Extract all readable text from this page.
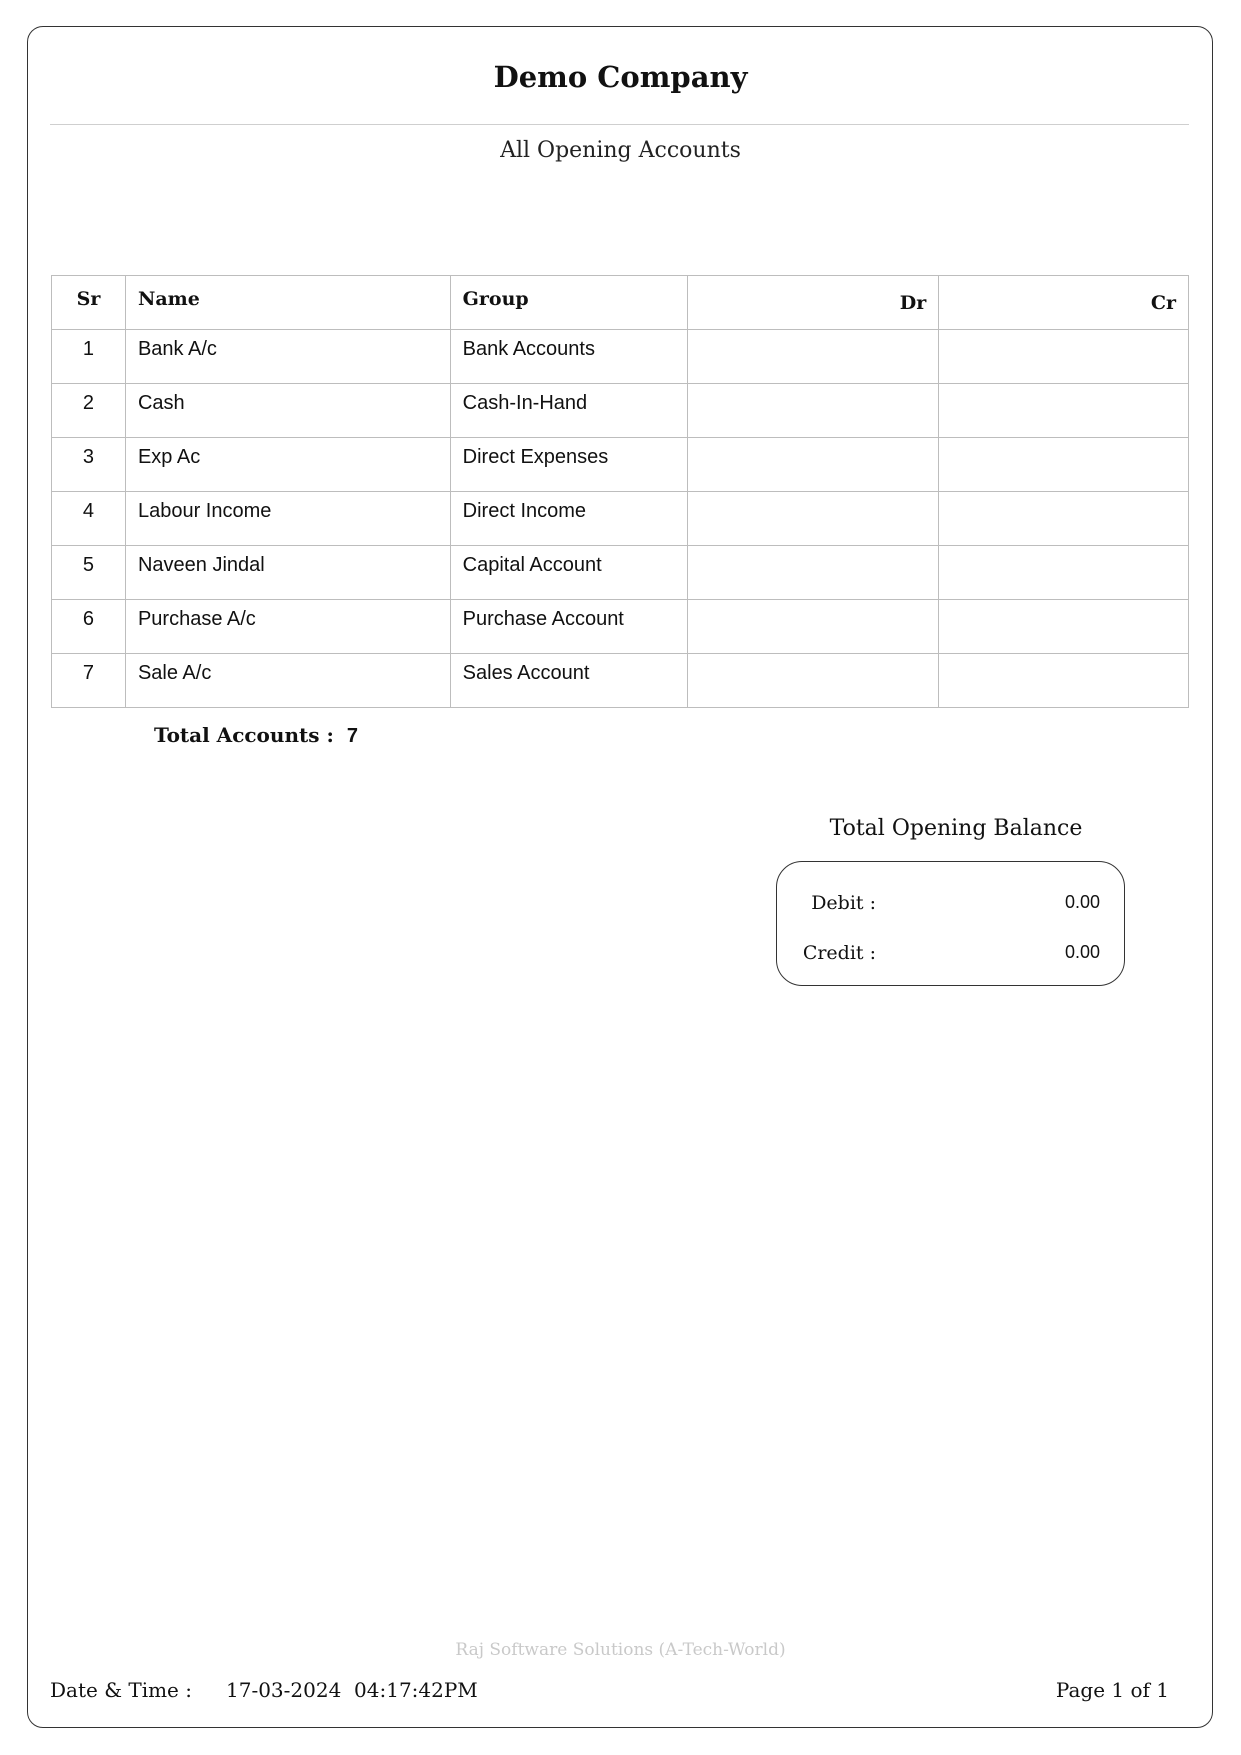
Demo Company
All Opening Accounts
Sr	Name	Group	Dr	Cr
1	Bank A/c	Bank Accounts		
2	Cash	Cash-In-Hand		
3	Exp Ac	Direct Expenses		
4	Labour Income	Direct Income		
5	Naveen Jindal	Capital Account		
6	Purchase A/c	Purchase Account		
7	Sale A/c	Sales Account		
Total Accounts : 7
Total Opening Balance
Debit :	0.00
Credit :	0.00
Raj Software Solutions (A-Tech-World)
Date & Time : 17-03-2024  04:17:42PM	Page 1 of 1
